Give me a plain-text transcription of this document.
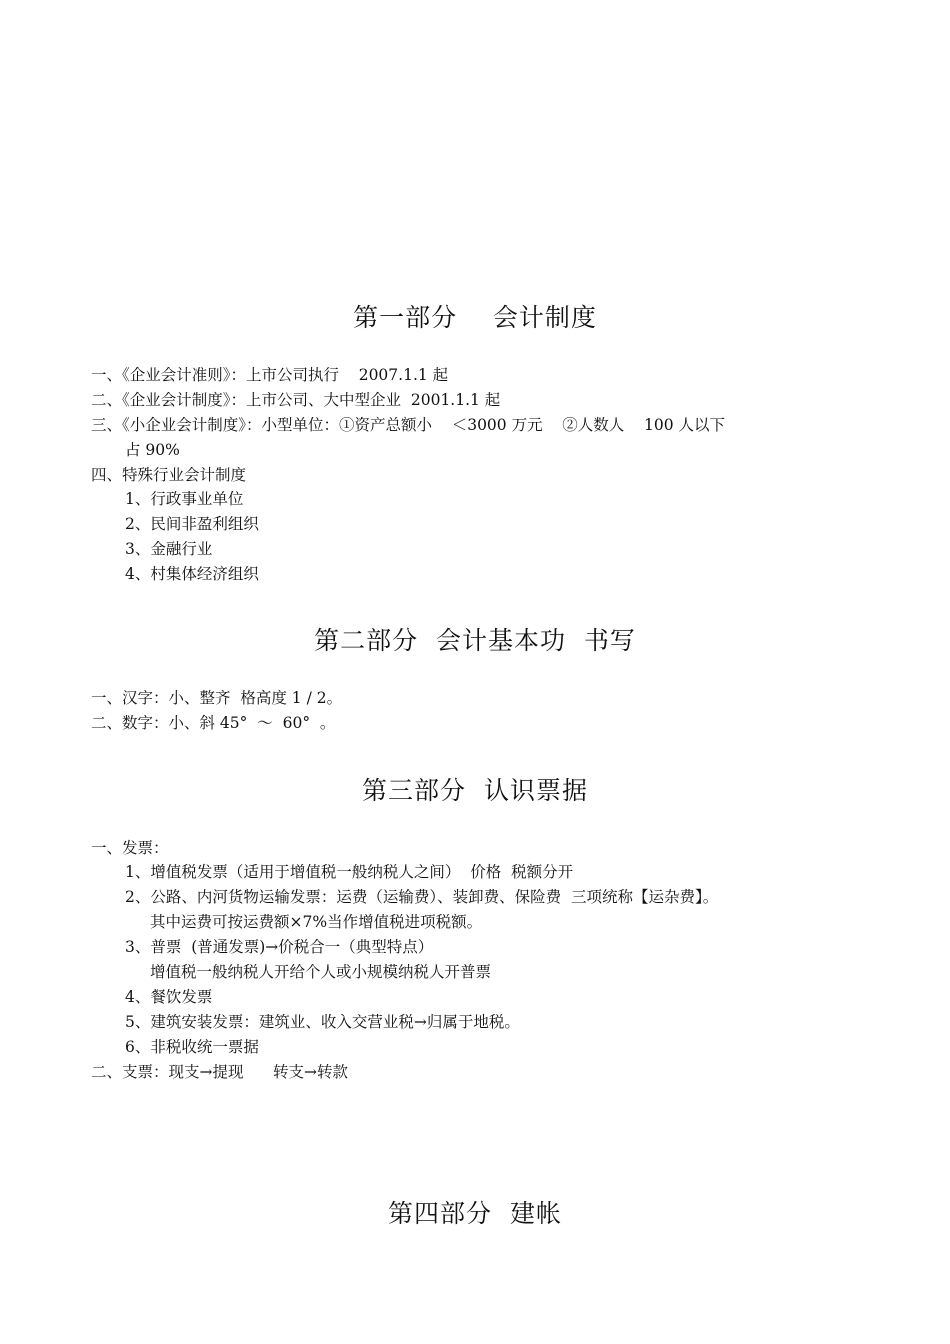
第一部分    会计制度
一、《企业会计准则》：上市公司执行    2007.1.1 起
二、《企业会计制度》：上市公司、大中型企业  2001.1.1 起
三、《小企业会计制度》：小型单位：①资产总额小    ＜3000 万元    ②人数人    100 人以下
占 90%
四、特殊行业会计制度
1、行政事业单位
2、民间非盈利组织
3、金融行业
4、村集体经济组织
第二部分  会计基本功  书写
一、汉字：小、整齐  格高度 1 / 2。
二、数字：小、斜 45°  ～  60°  。
第三部分  认识票据
一、发票：
1、增值税发票（适用于增值税一般纳税人之间）  价格  税额分开
2、公路、内河货物运输发票：运费（运输费）、装卸费、保险费  三项统称【运杂费】。
其中运费可按运费额×7%当作增值税进项税额。
3、普票  (普通发票)→价税合一（典型特点）
增值税一般纳税人开给个人或小规模纳税人开普票
4、餐饮发票
5、建筑安装发票：建筑业、收入交营业税→归属于地税。
6、非税收统一票据
二、支票：现支→提现      转支→转款
第四部分  建帐
